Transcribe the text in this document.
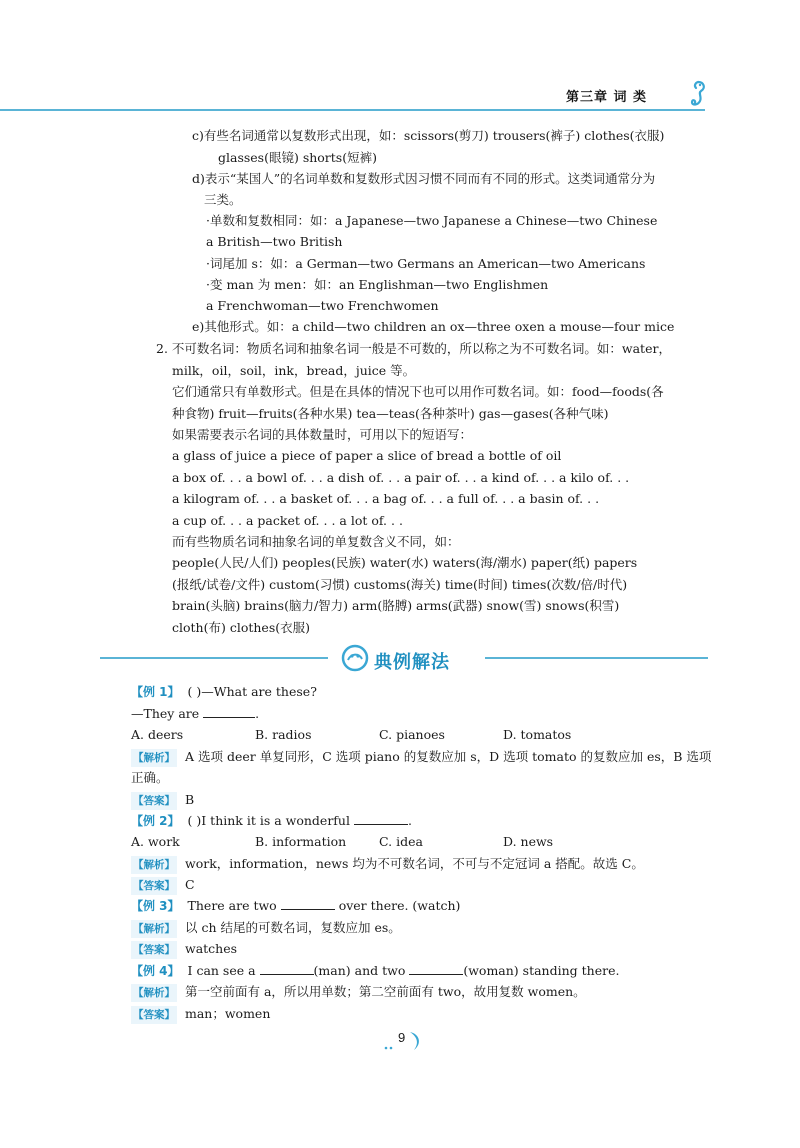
第三章 词 类
c)有些名词通常以复数形式出现，如：scissors(剪刀) trousers(裤子) clothes(衣服)
glasses(眼镜) shorts(短裤)
d)表示“某国人”的名词单数和复数形式因习惯不同而有不同的形式。这类词通常分为
三类。
·单数和复数相同：如：a Japanese—two Japanese a Chinese—two Chinese
a British—two British
·词尾加 s：如：a German—two Germans an American—two Americans
·变 man 为 men：如：an Englishman—two Englishmen
a Frenchwoman—two Frenchwomen
e)其他形式。如：a child—two children an ox—three oxen a mouse—four mice
2. 不可数名词：物质名词和抽象名词一般是不可数的，所以称之为不可数名词。如：water，
milk，oil，soil，ink，bread，juice 等。
它们通常只有单数形式。但是在具体的情况下也可以用作可数名词。如：food—foods(各
种食物) fruit—fruits(各种水果) tea—teas(各种茶叶) gas—gases(各种气味)
如果需要表示名词的具体数量时，可用以下的短语写：
a glass of juice a piece of paper a slice of bread a bottle of oil
a box of. . . a bowl of. . . a dish of. . . a pair of. . . a kind of. . . a kilo of. . .
a kilogram of. . . a basket of. . . a bag of. . . a full of. . . a basin of. . .
a cup of. . . a packet of. . . a lot of. . .
而有些物质名词和抽象名词的单复数含义不同，如：
people(人民/人们) peoples(民族) water(水) waters(海/潮水) paper(纸) papers
(报纸/试卷/文件) custom(习惯) customs(海关) time(时间) times(次数/倍/时代)
brain(头脑) brains(脑力/智力) arm(胳膊) arms(武器) snow(雪) snows(积雪)
cloth(布) clothes(衣服)
典例解法
【例 1】 ( )—What are these?
—They are	.
A. deers	B. radios	C. pianoes	D. tomatos
【解析】 A 选项 deer 单复同形，C 选项 piano 的复数应加 s，D 选项 tomato 的复数应加 es，B 选项
正确。
【答案】 B
【例 2】 ( )I think it is a wonderful	.
A. work	B. information	C. idea	D. news
【解析】 work，information，news 均为不可数名词，不可与不定冠词 a 搭配。故选 C。
【答案】 C
【例 3】 There are two	over there. (watch)
【解析】 以 ch 结尾的可数名词，复数应加 es。
【答案】 watches
【例 4】 I can see a	(man) and two	(woman) standing there.
【解析】 第一空前面有 a，所以用单数；第二空前面有 two，故用复数 women。
【答案】 man；women
9
